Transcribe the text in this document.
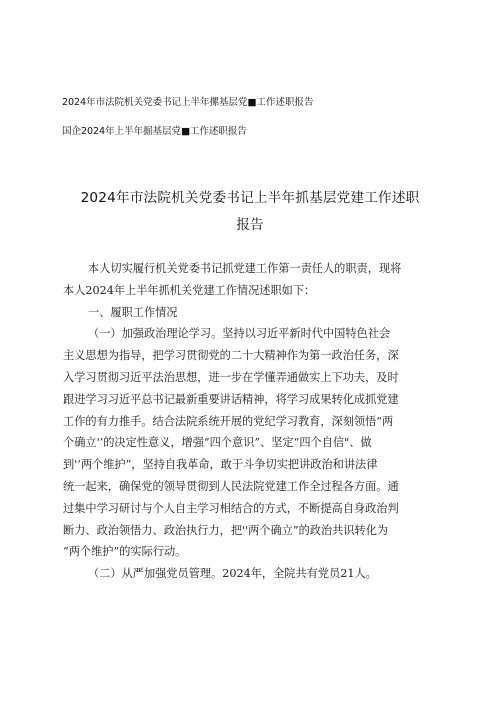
2024年市法院机关党委书记上半年摞基层党■工作述职报告
国企2024年上半年掘基层党■工作述职报告
2024年市法院机关党委书记上半年抓基层党建工作述职
报告
本人切实履行机关党委书记抓党建工作第一责任人的职责，现将
本人2024年上半年抓机关党建工作情况述职如下：
一、履职工作情况
（一）加强政治理论学习。坚持以习近平新时代中国特色社会
主义思想为指导，把学习贯彻党的二十大精神作为第一政治任务，深
入学习贯彻习近平法治思想，进一步在学懂弄通做实上下功夫，及时
跟进学习习近平总书记最新重要讲话精神，将学习成果转化成抓党建
工作的有力推手。结合法院系统开展的党纪学习教育，深刻领悟“两
个确立'’的决定性意义，增强“四个意识”、坚定“四个自信"、做
到'‘两个维护”，坚持自我革命，敢于斗争切实把讲政治和讲法律
统一起来，确保党的领导贯彻到人民法院党建工作全过程各方面。通
过集中学习研讨与个人自主学习相结合的方式，不断提高自身政治判
断力、政治领悟力、政治执行力，把''两个确立”的政治共识转化为
“两个维护”的实际行动。
（二）从严加强党员管理。2024年，全院共有党员21人。
